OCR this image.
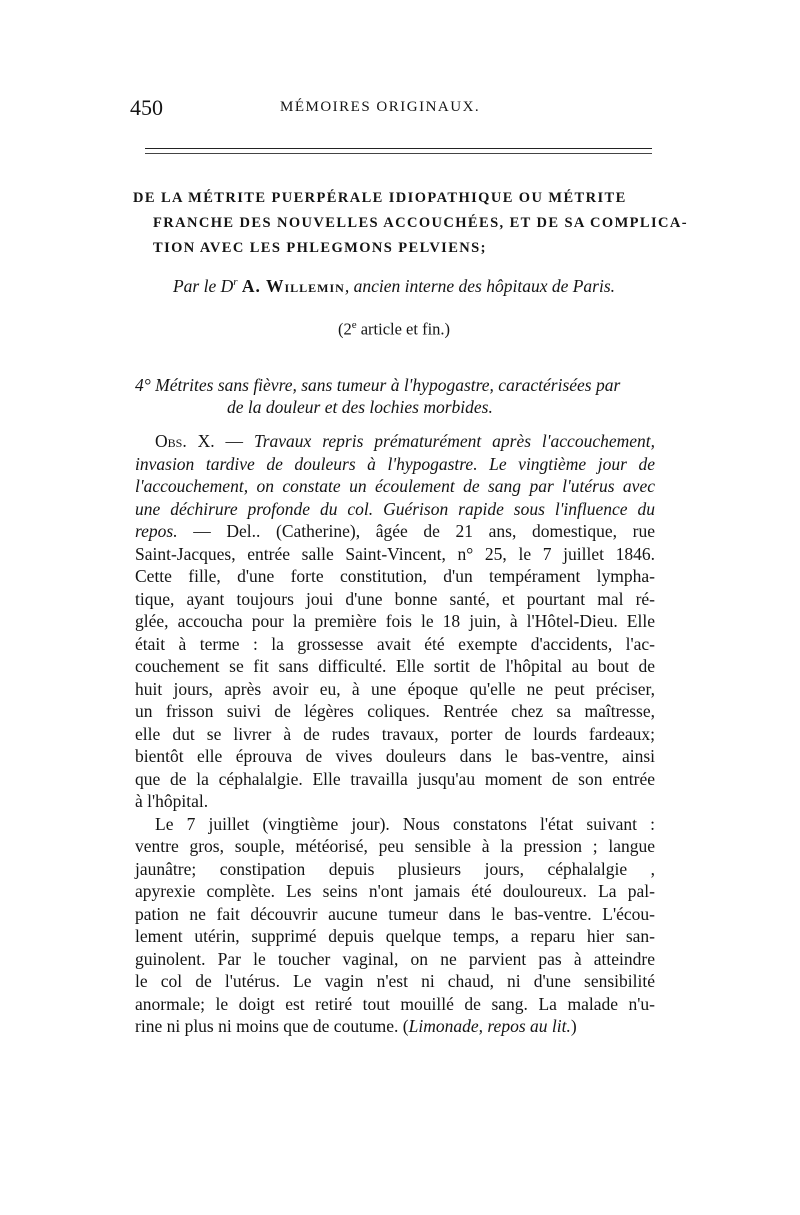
450	MÉMOIRES ORIGINAUX.
DE LA MÉTRITE PUERPÉRALE IDIOPATHIQUE OU MÉTRITE
FRANCHE DES NOUVELLES ACCOUCHÉES, ET DE SA COMPLICA-
TION AVEC LES PHLEGMONS PELVIENS;
Par le $D^r$ A. Willemin, ancien interne des hôpitaux de Paris.
(2e article et fin.)
4° Métrites sans fièvre, sans tumeur à l'hypogastre, caractérisées par
de la douleur et des lochies morbides.
Obs. X. — Travaux repris prématurément après l'accouchement,
invasion tardive de douleurs à l'hypogastre. Le vingtième jour de
l'accouchement, on constate un écoulement de sang par l'utérus avec
une déchirure profonde du col. Guérison rapide sous l'influence du
repos. — Del.. (Catherine), âgée de 21 ans, domestique, rue
Saint-Jacques, entrée salle Saint-Vincent, n° 25, le 7 juillet 1846.
Cette fille, d'une forte constitution, d'un tempérament lympha-
tique, ayant toujours joui d'une bonne santé, et pourtant mal ré-
glée, accoucha pour la première fois le 18 juin, à l'Hôtel-Dieu. Elle
était à terme : la grossesse avait été exempte d'accidents, l'ac-
couchement se fit sans difficulté. Elle sortit de l'hôpital au bout de
huit jours, après avoir eu, à une époque qu'elle ne peut préciser,
un frisson suivi de légères coliques. Rentrée chez sa maîtresse,
elle dut se livrer à de rudes travaux, porter de lourds fardeaux;
bientôt elle éprouva de vives douleurs dans le bas-ventre, ainsi
que de la céphalalgie. Elle travailla jusqu'au moment de son entrée
à l'hôpital.
Le 7 juillet (vingtième jour). Nous constatons l'état suivant :
ventre gros, souple, météorisé, peu sensible à la pression ; langue
jaunâtre; constipation depuis plusieurs jours, céphalalgie ,
apyrexie complète. Les seins n'ont jamais été douloureux. La pal-
pation ne fait découvrir aucune tumeur dans le bas-ventre. L'écou-
lement utérin, supprimé depuis quelque temps, a reparu hier san-
guinolent. Par le toucher vaginal, on ne parvient pas à atteindre
le col de l'utérus. Le vagin n'est ni chaud, ni d'une sensibilité
anormale; le doigt est retiré tout mouillé de sang. La malade n'u-
rine ni plus ni moins que de coutume. (Limonade, repos au lit.)
